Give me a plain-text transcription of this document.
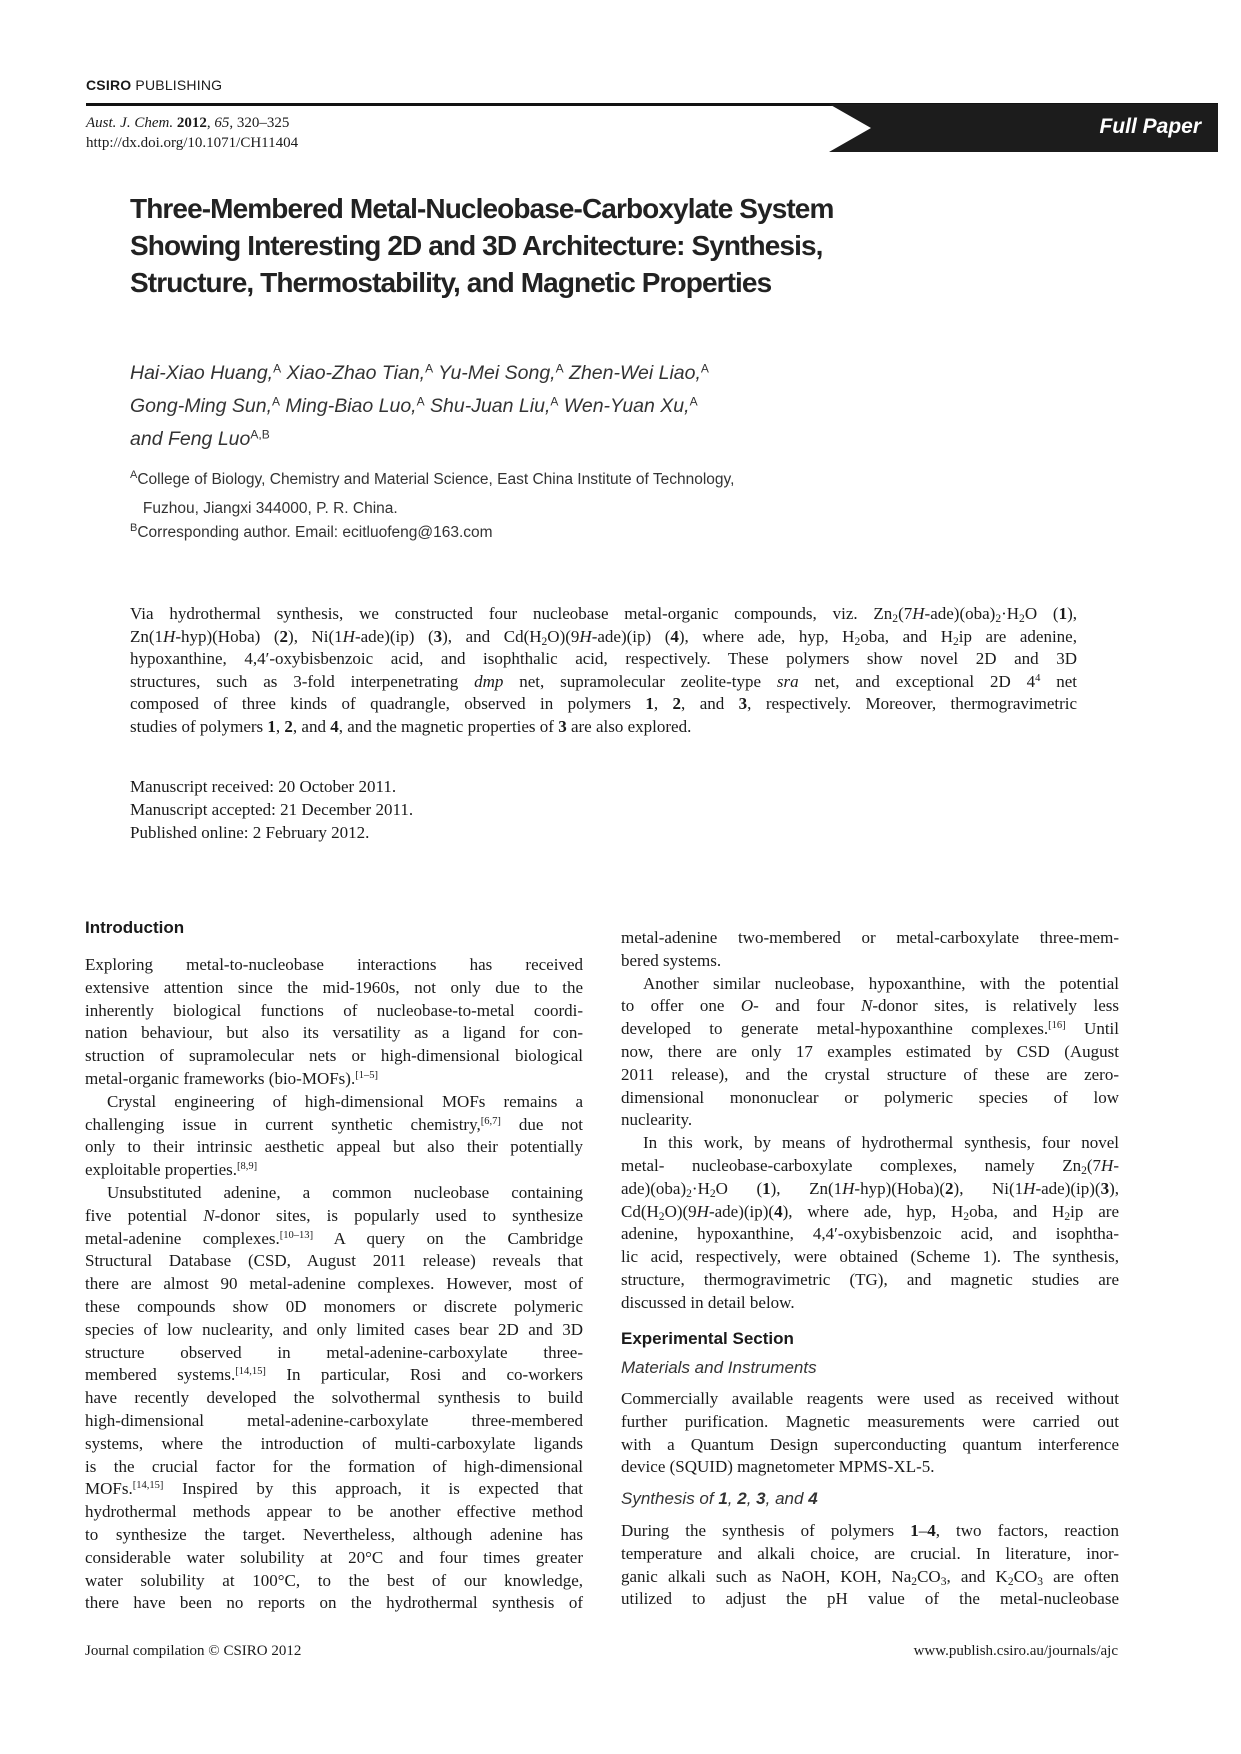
CSIRO PUBLISHING
Aust. J. Chem. 2012, 65, 320–325
http://dx.doi.org/10.1071/CH11404
Full Paper
Three-Membered Metal-Nucleobase-Carboxylate System
Showing Interesting 2D and 3D Architecture: Synthesis,
Structure, Thermostability, and Magnetic Properties
Hai-Xiao Huang,$^A$ Xiao-Zhao Tian,$^A$ Yu-Mei Song,$^A$ Zhen-Wei Liao,$^A$
Gong-Ming Sun,$^A$ Ming-Biao Luo,$^A$ Shu-Juan Liu,$^A$ Wen-Yuan Xu,$^A$
and Feng Luo$^{A,B}$
$^A$College of Biology, Chemistry and Material Science, East China Institute of Technology,
Fuzhou, Jiangxi 344000, P. R. China.
$^B$Corresponding author. Email: ecitluofeng@163.com
Via hydrothermal synthesis, we constructed four nucleobase metal-organic compounds, viz. $Zn_2(7H-ade)(oba)_2\cdot H_2O$ (1),
Zn(1H-hyp)(Hoba) (2), Ni(1H-ade)(ip) (3), and $Cd(H_2O)(9H-ade)(ip)$ (4), where ade, hyp, $H_2oba$, and $H_2ip$ are adenine,
hypoxanthine, 4,4′-oxybisbenzoic acid, and isophthalic acid, respectively. These polymers show novel 2D and 3D
structures, such as 3-fold interpenetrating dmp net, supramolecular zeolite-type sra net, and exceptional 2D $4^4$ net
composed of three kinds of quadrangle, observed in polymers 1, 2, and 3, respectively. Moreover, thermogravimetric
studies of polymers 1, 2, and 4, and the magnetic properties of 3 are also explored.
Manuscript received: 20 October 2011.
Manuscript accepted: 21 December 2011.
Published online: 2 February 2012.
Introduction
Exploring metal-to-nucleobase interactions has received
extensive attention since the mid-1960s, not only due to the
inherently biological functions of nucleobase-to-metal coordi-
nation behaviour, but also its versatility as a ligand for con-
struction of supramolecular nets or high-dimensional biological
metal-organic frameworks (bio-MOFs).[1–5]
Crystal engineering of high-dimensional MOFs remains a
challenging issue in current synthetic chemistry,[6,7] due not
only to their intrinsic aesthetic appeal but also their potentially
exploitable properties.[8,9]
Unsubstituted adenine, a common nucleobase containing
five potential N-donor sites, is popularly used to synthesize
metal-adenine complexes.[10–13] A query on the Cambridge
Structural Database (CSD, August 2011 release) reveals that
there are almost 90 metal-adenine complexes. However, most of
these compounds show 0D monomers or discrete polymeric
species of low nuclearity, and only limited cases bear 2D and 3D
structure observed in metal-adenine-carboxylate three-
membered systems.[14,15] In particular, Rosi and co-workers
have recently developed the solvothermal synthesis to build
high-dimensional metal-adenine-carboxylate three-membered
systems, where the introduction of multi-carboxylate ligands
is the crucial factor for the formation of high-dimensional
MOFs.[14,15] Inspired by this approach, it is expected that
hydrothermal methods appear to be another effective method
to synthesize the target. Nevertheless, although adenine has
considerable water solubility at 20°C and four times greater
water solubility at 100°C, to the best of our knowledge,
there have been no reports on the hydrothermal synthesis of
metal-adenine two-membered or metal-carboxylate three-mem-
bered systems.
Another similar nucleobase, hypoxanthine, with the potential
to offer one O- and four N-donor sites, is relatively less
developed to generate metal-hypoxanthine complexes.[16] Until
now, there are only 17 examples estimated by CSD (August
2011 release), and the crystal structure of these are zero-
dimensional mononuclear or polymeric species of low
nuclearity.
In this work, by means of hydrothermal synthesis, four novel
metal- nucleobase-carboxylate complexes, namely $Zn_2(7H-$
$ade)(oba)_2\cdot H_2O$ (1), Zn(1H-hyp)(Hoba)(2), Ni(1H-ade)(ip)(3),
$Cd(H_2O)(9H-ade)(ip)(4)$, where ade, hyp, $H_2oba$, and $H_2ip$ are
adenine, hypoxanthine, 4,4′-oxybisbenzoic acid, and isophtha-
lic acid, respectively, were obtained (Scheme 1). The synthesis,
structure, thermogravimetric (TG), and magnetic studies are
discussed in detail below.
Experimental Section
Materials and Instruments
Commercially available reagents were used as received without
further purification. Magnetic measurements were carried out
with a Quantum Design superconducting quantum interference
device (SQUID) magnetometer MPMS-XL-5.
Synthesis of 1, 2, 3, and 4
During the synthesis of polymers 1–4, two factors, reaction
temperature and alkali choice, are crucial. In literature, inor-
ganic alkali such as NaOH, KOH, $Na_2CO_3$, and $K_2CO_3$ are often
utilized to adjust the pH value of the metal-nucleobase
Journal compilation © CSIRO 2012	www.publish.csiro.au/journals/ajc
